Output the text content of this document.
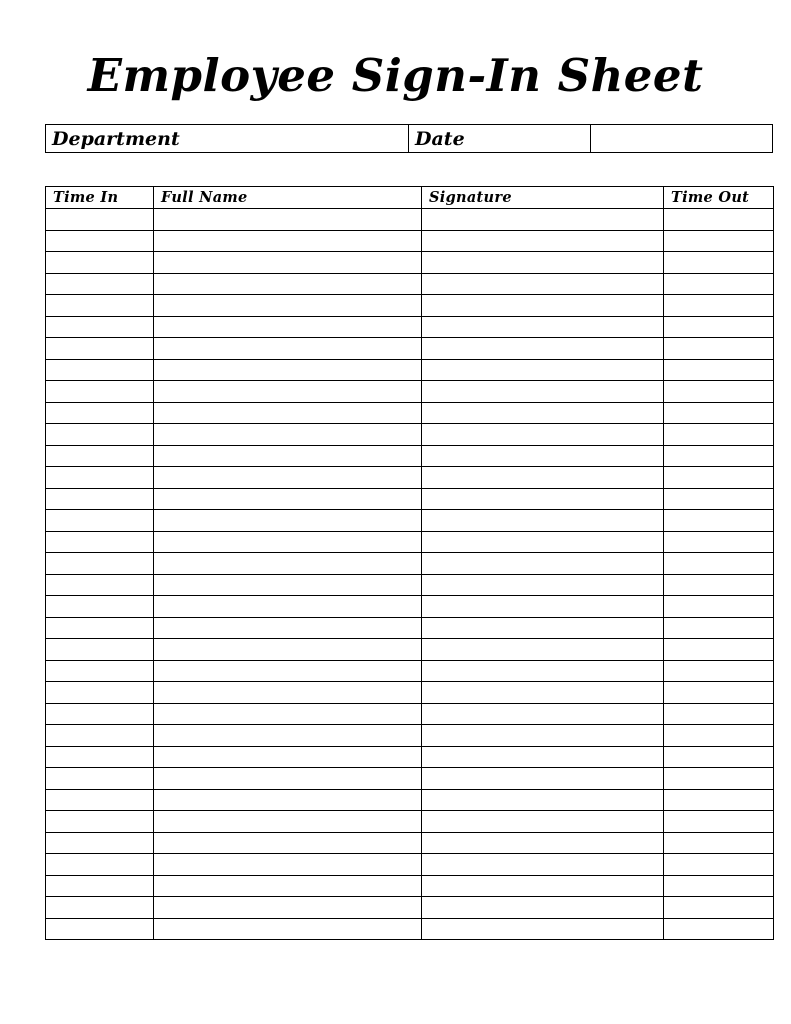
Employee Sign-In Sheet
Department	Date	
Time In	Full Name	Signature	Time Out
